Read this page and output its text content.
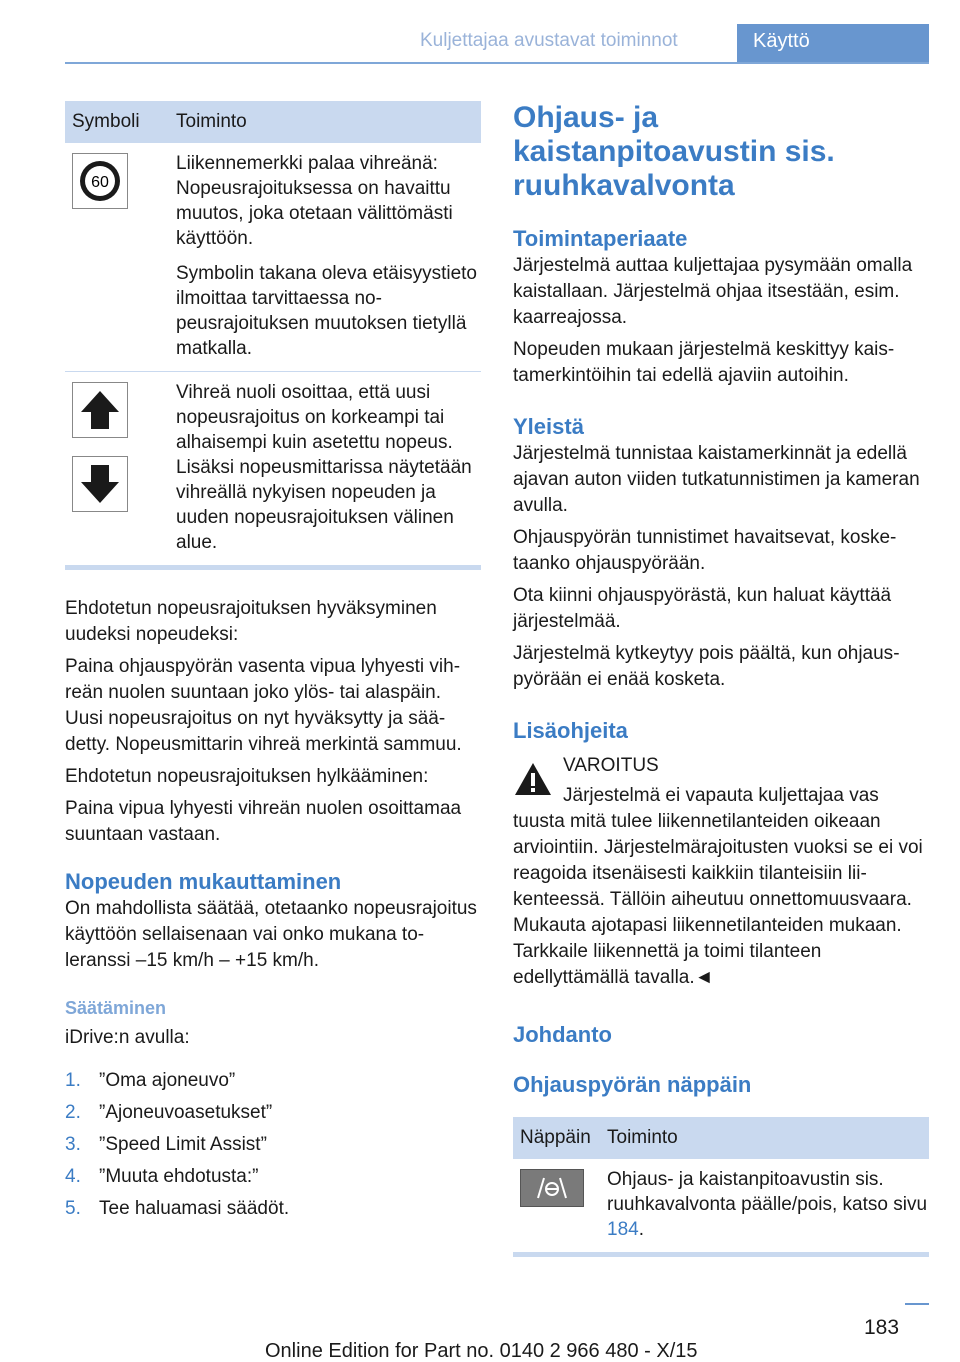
Kuljettajaa avustavat toiminnot	Käyttö
Symboli	Toiminto
60

Liikennemerkki palaa vihreänä: Nopeusrajoituksessa on havaittu muutos, joka otetaan välittömästi käyttöön.

Symbolin takana oleva etäisyystieto ilmoittaa tarvittaessa nopeusrajoituksen muutoksen tietyllä matkalla.

Vihreä nuoli osoittaa, että uusi nopeusrajoitus on korkeampi tai alhaisempi kuin asetettu nopeus. Lisäksi nopeusmittarissa näytetään vihreällä nykyisen nopeuden ja uuden nopeusrajoituksen välinen alue.

Ehdotetun nopeusrajoituksen hyväksyminen uudeksi nopeudeksi:

Paina ohjauspyörän vasenta vipua lyhyesti vihreän nuolen suuntaan joko ylös- tai alaspäin. Uusi nopeusrajoitus on nyt hyväksytty ja säädetty. Nopeusmittarin vihreä merkintä sammuu.

Ehdotetun nopeusrajoituksen hylkääminen:

Paina vipua lyhyesti vihreän nuolen osoittamaa suuntaan vastaan.

Nopeuden mukauttaminen

On mahdollista säätää, otetaanko nopeusrajoitus käyttöön sellaisenaan vai onko mukana toleranssi –15 km/h – +15 km/h.

Säätäminen

iDrive:n avulla:

1. ”Oma ajoneuvo”
2. ”Ajoneuvoasetukset”
3. ”Speed Limit Assist”
4. ”Muuta ehdotusta:”
5. Tee haluamasi säädöt.
Ohjaus- ja kaistanpitoavustin sis. ruuhkavalvonta
Toimintaperiaate

Järjestelmä auttaa kuljettajaa pysymään omalla kaistallaan. Järjestelmä ohjaa itsestään, esim. kaarreajossa.

Nopeuden mukaan järjestelmä keskittyy kaistamerkintöihin tai edellä ajaviin autoihin.

Yleistä

Järjestelmä tunnistaa kaistamerkinnät ja edellä ajavan auton viiden tutkatunnistimen ja kameran avulla.

Ohjauspyörän tunnistimet havaitsevat, kosketaanko ohjauspyörään.

Ota kiinni ohjauspyörästä, kun haluat käyttää järjestelmää.

Järjestelmä kytkeytyy pois päältä, kun ohjauspyörään ei enää kosketa.

Lisäohjeita

VAROITUS

Järjestelmä ei vapauta kuljettajaa vas

tuusta mitä tulee liikennetilanteiden oikeaan arviointiin. Järjestelmärajoitusten vuoksi se ei voi reagoida itsenäisesti kaikkiin tilanteisiin liikenteessä. Tällöin aiheutuu onnettomuusvaara. Mukauta ajotapasi liikennetilanteiden mukaan. Tarkkaile liikennettä ja toimi tilanteen edellyttämällä tavalla.◄

Johdanto
Ohjauspyörän näppäin
Näppäin Toiminto

Ohjaus- ja kaistanpitoavustin sis. ruuhkavalvonta päälle/pois, katso sivu 184.

183
Online Edition for Part no. 0140 2 966 480 - X/15
